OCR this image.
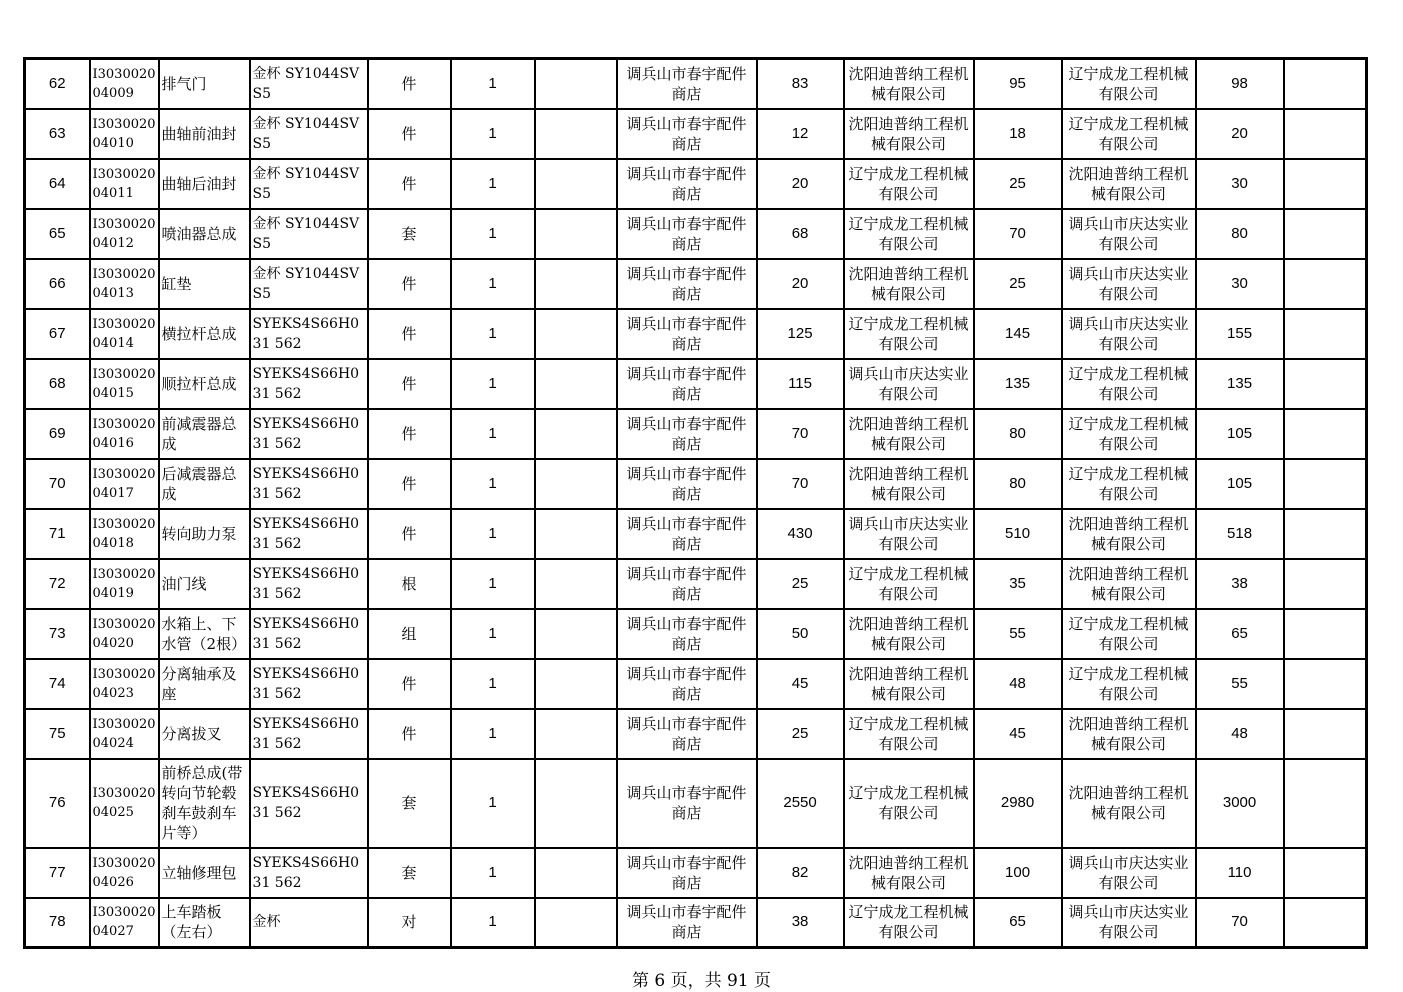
62	I3030020 04009	排气门	金杯 SY1044SVS5	件	1		调兵山市春宇配件商店	83	沈阳迪普纳工程机械有限公司	95	辽宁成龙工程机械有限公司	98	

63	I3030020 04010	曲轴前油封	金杯 SY1044SVS5	件	1		调兵山市春宇配件商店	12	沈阳迪普纳工程机械有限公司	18	辽宁成龙工程机械有限公司	20	

64	I3030020 04011	曲轴后油封	金杯 SY1044SVS5	件	1		调兵山市春宇配件商店	20	辽宁成龙工程机械有限公司	25	沈阳迪普纳工程机械有限公司	30	

65	I3030020 04012	喷油器总成	金杯 SY1044SVS5	套	1		调兵山市春宇配件商店	68	辽宁成龙工程机械有限公司	70	调兵山市庆达实业有限公司	80	

66	I3030020 04013	缸垫	金杯 SY1044SVS5	件	1		调兵山市春宇配件商店	20	沈阳迪普纳工程机械有限公司	25	调兵山市庆达实业有限公司	30	

67	I3030020 04014	横拉杆总成	SYEKS4S66H031 562	件	1		调兵山市春宇配件商店	125	辽宁成龙工程机械有限公司	145	调兵山市庆达实业有限公司	155	

68	I3030020 04015	顺拉杆总成	SYEKS4S66H031 562	件	1		调兵山市春宇配件商店	115	调兵山市庆达实业有限公司	135	辽宁成龙工程机械有限公司	135	

69	I3030020 04016	前减震器总成	SYEKS4S66H031 562	件	1		调兵山市春宇配件商店	70	沈阳迪普纳工程机械有限公司	80	辽宁成龙工程机械有限公司	105	

70	I3030020 04017	后减震器总成	SYEKS4S66H031 562	件	1		调兵山市春宇配件商店	70	沈阳迪普纳工程机械有限公司	80	辽宁成龙工程机械有限公司	105	

71	I3030020 04018	转向助力泵	SYEKS4S66H031 562	件	1		调兵山市春宇配件商店	430	调兵山市庆达实业有限公司	510	沈阳迪普纳工程机械有限公司	518	

72	I3030020 04019	油门线	SYEKS4S66H031 562	根	1		调兵山市春宇配件商店	25	辽宁成龙工程机械有限公司	35	沈阳迪普纳工程机械有限公司	38	

73	I3030020 04020	水箱上、下水管（2根）	SYEKS4S66H031 562	组	1		调兵山市春宇配件商店	50	沈阳迪普纳工程机械有限公司	55	辽宁成龙工程机械有限公司	65	

74	I3030020 04023	分离轴承及座	SYEKS4S66H031 562	件	1		调兵山市春宇配件商店	45	沈阳迪普纳工程机械有限公司	48	辽宁成龙工程机械有限公司	55	

75	I3030020 04024	分离拔叉	SYEKS4S66H031 562	件	1		调兵山市春宇配件商店	25	辽宁成龙工程机械有限公司	45	沈阳迪普纳工程机械有限公司	48	

76	I3030020 04025	前桥总成(带转向节轮毂刹车鼓刹车片等）	SYEKS4S66H031 562	套	1		调兵山市春宇配件商店	2550	辽宁成龙工程机械有限公司	2980	沈阳迪普纳工程机械有限公司	3000	

77	I3030020 04026	立轴修理包	SYEKS4S66H031 562	套	1		调兵山市春宇配件商店	82	沈阳迪普纳工程机械有限公司	100	调兵山市庆达实业有限公司	110	

78	I3030020 04027	上车踏板（左右）	金杯	对	1		调兵山市春宇配件商店	38	辽宁成龙工程机械有限公司	65	调兵山市庆达实业有限公司	70	

第 6 页，共 91 页
